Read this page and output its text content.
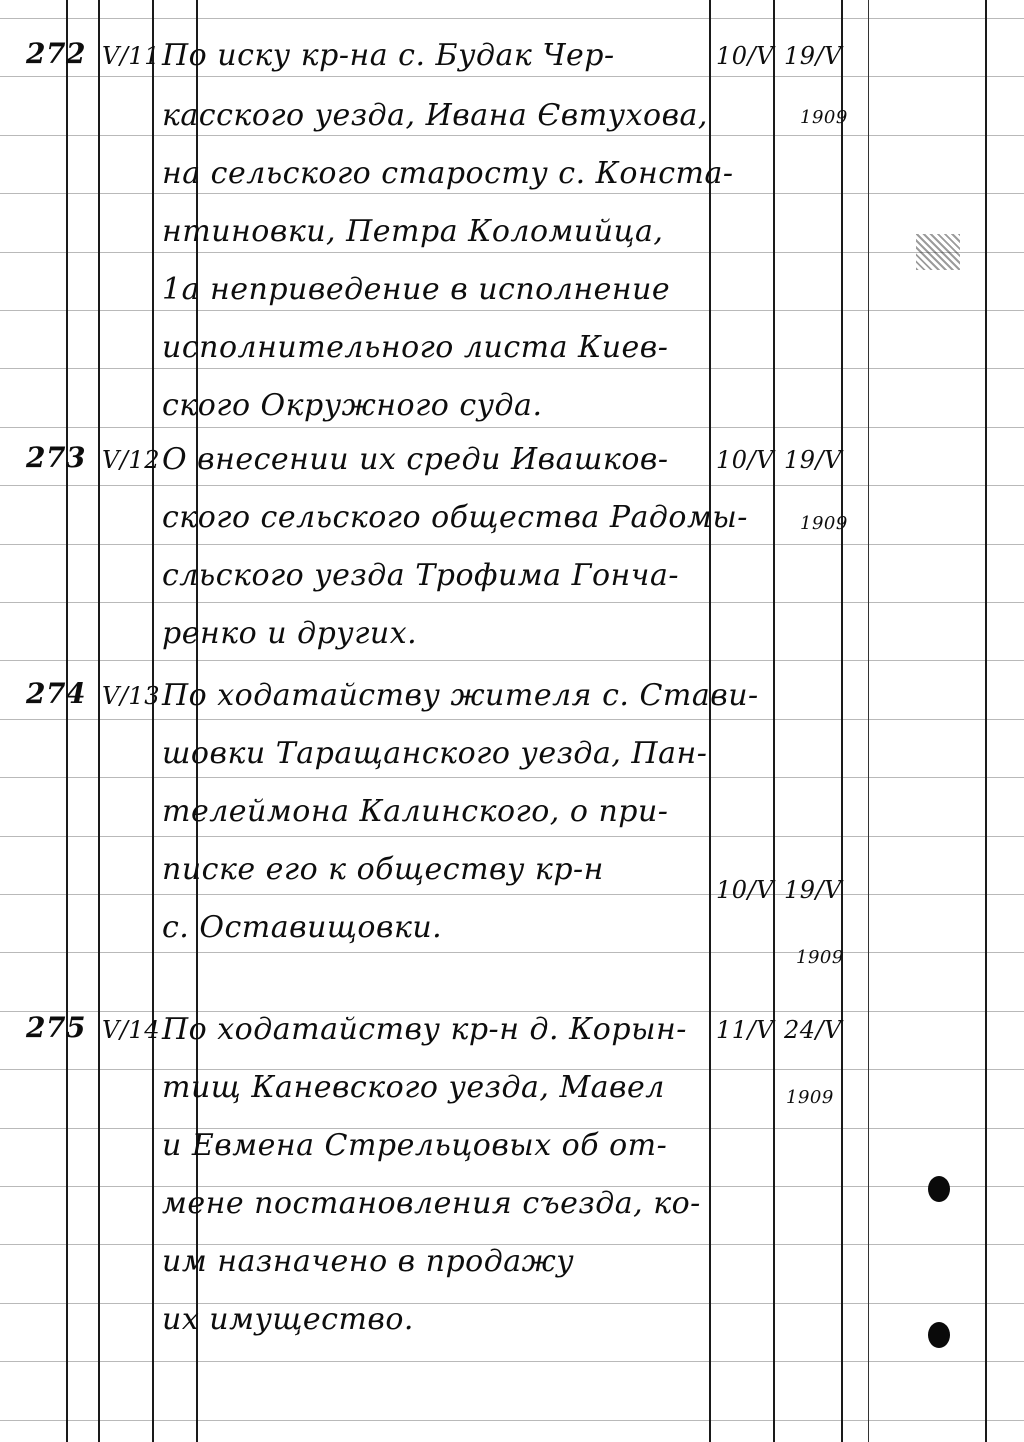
272 V/11 По иску кр-на с. Будак Чер-
касского уезда, Ивана Євтухова,
на сельского старосту с. Конста-
нтиновки, Петра Коломийца,
1а неприведение в исполнение
исполнительного листа Киев-
ского Окружного суда.
10/V 19/V
1909
273 V/12 О внесении их среди Ивашков-
ского сельского общества Радомы-
сльского уезда Трофима Гонча-
ренко и других.
10/V 19/V
1909
274 V/13 По ходатайству жителя с. Стави-
шовки Таращанского уезда, Пан-
телеймона Калинского, о при-
писке его к обществу кр-н
с. Оставищовки.
10/V 19/V
1909
275 V/14 По ходатайству кр-н д. Корын-
тищ Каневского уезда, Мавел
и Евмена Стрельцовых об от-
мене постановления съезда, ко-
им назначено в продажу
их имущество.
11/V 24/V
1909
